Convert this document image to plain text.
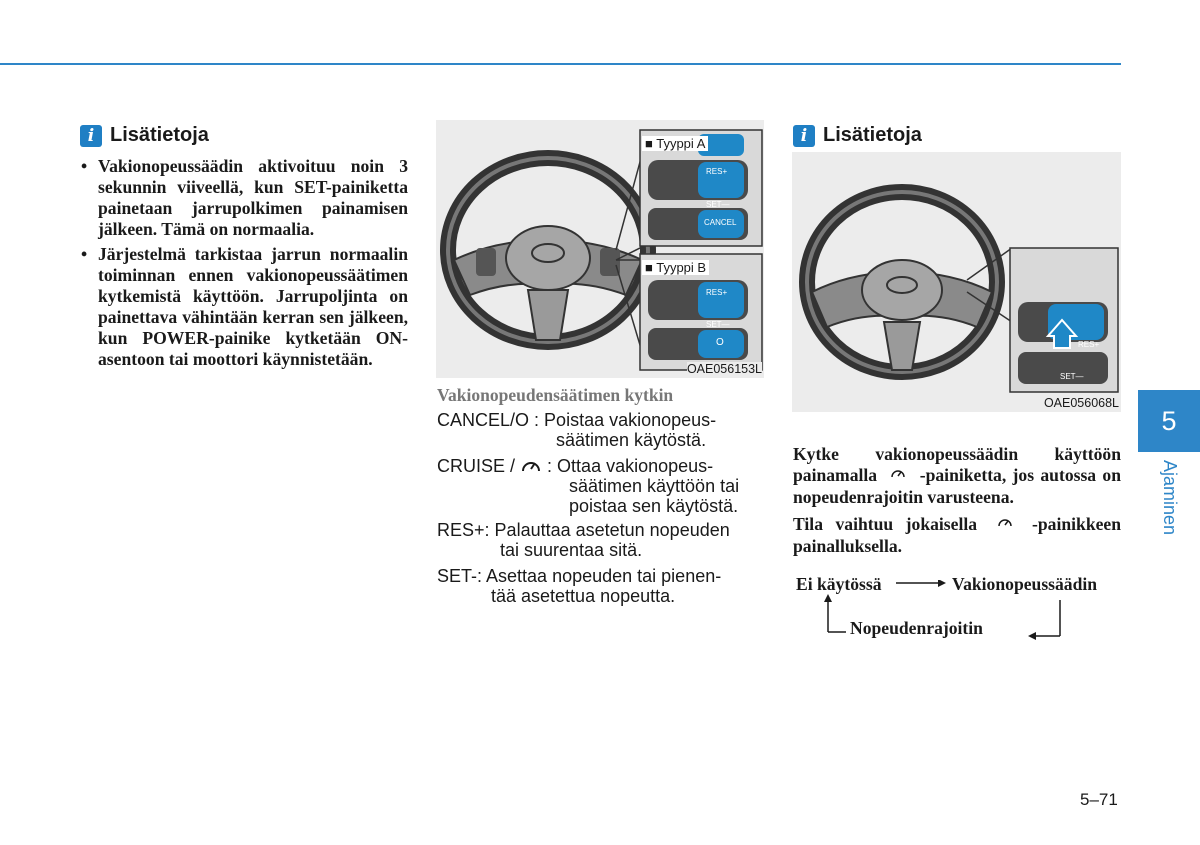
i Lisätietoja
• Vakionopeussäädin aktivoituu noin 3 sekunnin viiveellä, kun SET-painiketta painetaan jarrupolkimen painamisen jälkeen. Tämä on normaalia.
• Järjestelmä tarkistaa jarrun normaalin toiminnan ennen vakionopeussäätimen kytkemistä käyttöön. Jarrupoljinta on painettava vähintään kerran sen jälkeen, kun POWER-painike kytketään ON-asentoon tai moottori käynnistetään.
■ Tyyppi A
RES+
SET—
CANCEL
■ Tyyppi B
RES+
SET—
O
OAE056153L
Vakionopeudensäätimen kytkin
CANCEL/O : Poistaa vakionopeus-
säätimen käytöstä.
CRUISE / : Ottaa vakionopeus-
säätimen käyttöön tai poistaa sen käytöstä.
RES+: Palauttaa asetetun nopeuden
tai suurentaa sitä.
SET-: Asettaa nopeuden tai pienen-
tää asetettua nopeutta.
i Lisätietoja
RES+
SET—
OAE056068L
Kytke vakionopeussäädin käyttöön painamalla -painiketta, jos autossa on nopeudenrajoitin varusteena.
Tila vaihtuu jokaisella	-painikkeen painalluksella.
Ei käytössä	Vakionopeussäädin
Nopeudenrajoitin
5
Ajaminen
5–71
